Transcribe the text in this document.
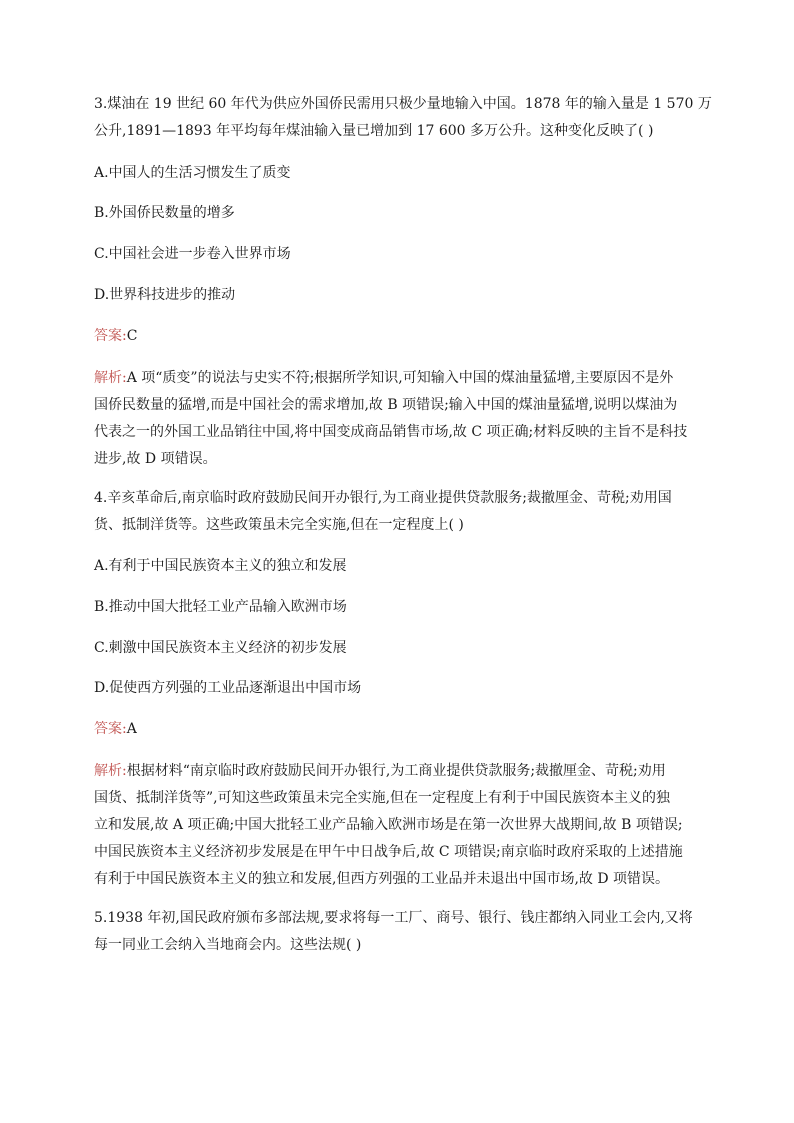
3.煤油在 19 世纪 60 年代为供应外国侨民需用只极少量地输入中国。1878 年的输入量是 1 570 万
公升,1891—1893 年平均每年煤油输入量已增加到 17 600 多万公升。这种变化反映了( )
A.中国人的生活习惯发生了质变
B.外国侨民数量的增多
C.中国社会进一步卷入世界市场
D.世界科技进步的推动
答案:C
解析:A 项“质变”的说法与史实不符;根据所学知识,可知输入中国的煤油量猛增,主要原因不是外
国侨民数量的猛增,而是中国社会的需求增加,故 B 项错误;输入中国的煤油量猛增,说明以煤油为
代表之一的外国工业品销往中国,将中国变成商品销售市场,故 C 项正确;材料反映的主旨不是科技
进步,故 D 项错误。
4.辛亥革命后,南京临时政府鼓励民间开办银行,为工商业提供贷款服务;裁撤厘金、苛税;劝用国
货、抵制洋货等。这些政策虽未完全实施,但在一定程度上( )
A.有利于中国民族资本主义的独立和发展
B.推动中国大批轻工业产品输入欧洲市场
C.刺激中国民族资本主义经济的初步发展
D.促使西方列强的工业品逐渐退出中国市场
答案:A
解析:根据材料“南京临时政府鼓励民间开办银行,为工商业提供贷款服务;裁撤厘金、苛税;劝用
国货、抵制洋货等”,可知这些政策虽未完全实施,但在一定程度上有利于中国民族资本主义的独
立和发展,故 A 项正确;中国大批轻工业产品输入欧洲市场是在第一次世界大战期间,故 B 项错误;
中国民族资本主义经济初步发展是在甲午中日战争后,故 C 项错误;南京临时政府采取的上述措施
有利于中国民族资本主义的独立和发展,但西方列强的工业品并未退出中国市场,故 D 项错误。
5.1938 年初,国民政府颁布多部法规,要求将每一工厂、商号、银行、钱庄都纳入同业工会内,又将
每一同业工会纳入当地商会内。这些法规( )
